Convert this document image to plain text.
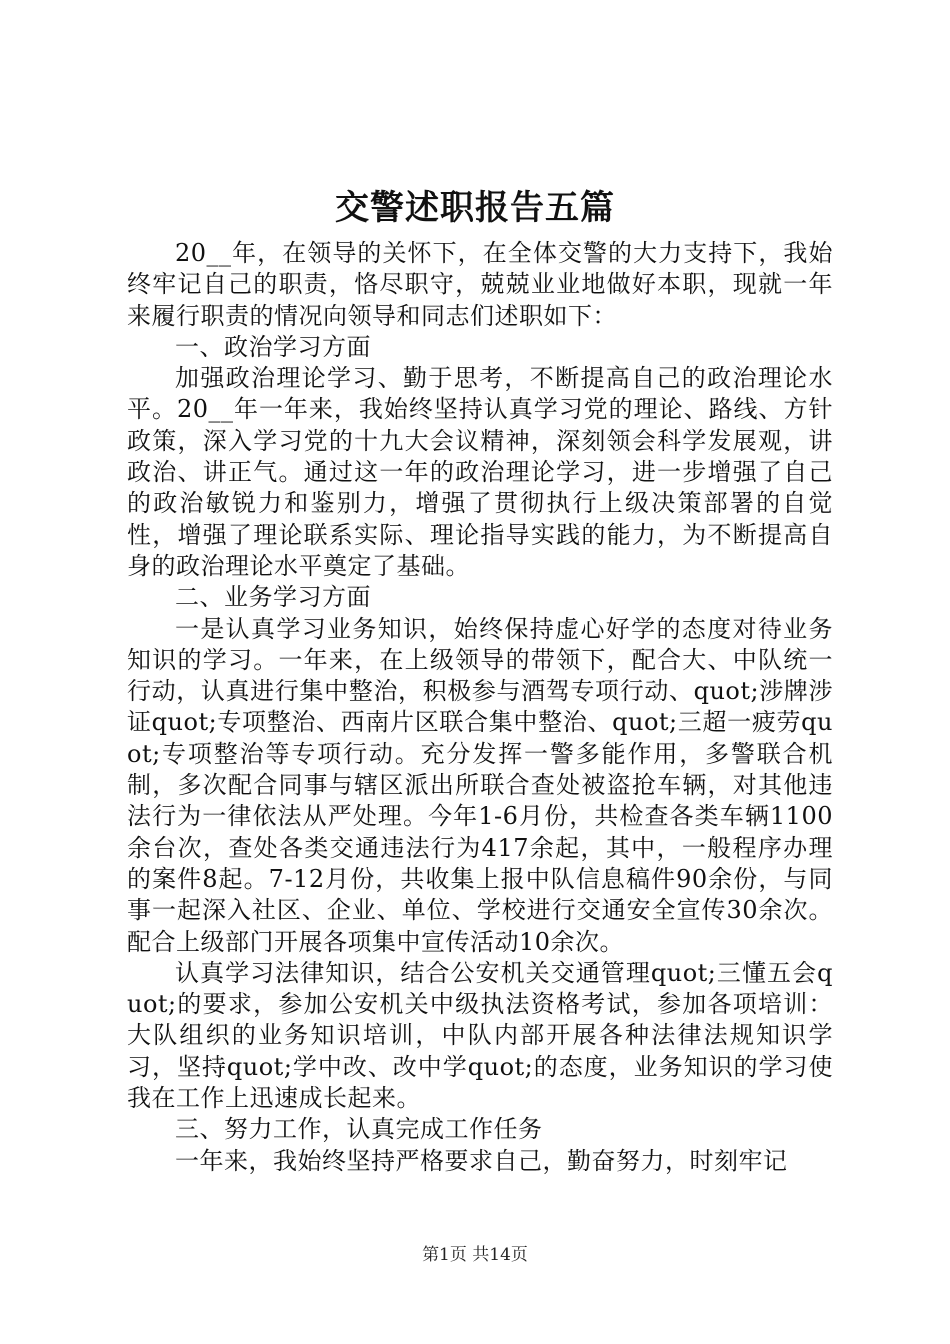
交警述职报告五篇

20__年，在领导的关怀下，在全体交警的大力支持下，我始终牢记自己的职责，恪尽职守，兢兢业业地做好本职，现就一年来履行职责的情况向领导和同志们述职如下：

一、政治学习方面

加强政治理论学习、勤于思考，不断提高自己的政治理论水平。20__年一年来，我始终坚持认真学习党的理论、路线、方针政策，深入学习党的十九大会议精神，深刻领会科学发展观，讲政治、讲正气。通过这一年的政治理论学习，进一步增强了自己的政治敏锐力和鉴别力，增强了贯彻执行上级决策部署的自觉性，增强了理论联系实际、理论指导实践的能力，为不断提高自身的政治理论水平奠定了基础。

二、业务学习方面

一是认真学习业务知识，始终保持虚心好学的态度对待业务知识的学习。一年来，在上级领导的带领下，配合大、中队统一行动，认真进行集中整治，积极参与酒驾专项行动、quot;涉牌涉证quot;专项整治、西南片区联合集中整治、quot;三超一疲劳quot;专项整治等专项行动。充分发挥一警多能作用，多警联合机制，多次配合同事与辖区派出所联合查处被盗抢车辆，对其他违法行为一律依法从严处理。今年1-6月份，共检查各类车辆1100余台次，查处各类交通违法行为417余起，其中，一般程序办理的案件8起。7-12月份，共收集上报中队信息稿件90余份，与同事一起深入社区、企业、单位、学校进行交通安全宣传30余次。配合上级部门开展各项集中宣传活动10余次。

认真学习法律知识，结合公安机关交通管理quot;三懂五会quot;的要求，参加公安机关中级执法资格考试，参加各项培训：大队组织的业务知识培训，中队内部开展各种法律法规知识学习，坚持quot;学中改、改中学quot;的态度，业务知识的学习使我在工作上迅速成长起来。

三、努力工作，认真完成工作任务

一年来，我始终坚持严格要求自己，勤奋努力，时刻牢记

第1页 共14页
